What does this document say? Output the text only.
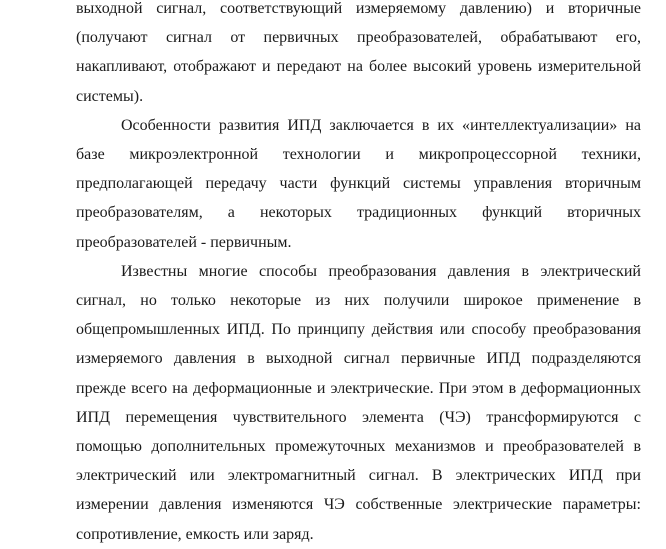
выходной сигнал, соответствующий измеряемому давлению) и вторичные (получают сигнал от первичных преобразователей, обрабатывают его, накапливают, отображают и передают на более высокий уровень измерительной системы).

Особенности развития ИПД заключается в их «интеллектуализации» на базе микроэлектронной технологии и микропроцессорной техники, предполагающей передачу части функций системы управления вторичным преобразователям, а некоторых традиционных функций вторичных преобразователей - первичным.

Известны многие способы преобразования давления в электрический сигнал, но только некоторые из них получили широкое применение в общепромышленных ИПД. По принципу действия или способу преобразования измеряемого давления в выходной сигнал первичные ИПД подразделяются прежде всего на деформационные и электрические. При этом в деформационных ИПД перемещения чувствительного элемента (ЧЭ) трансформируются с помощью дополнительных промежуточных механизмов и преобразователей в электрический или электромагнитный сигнал. В электрических ИПД при измерении давления изменяются ЧЭ собственные электрические параметры: сопротивление, емкость или заряд.
